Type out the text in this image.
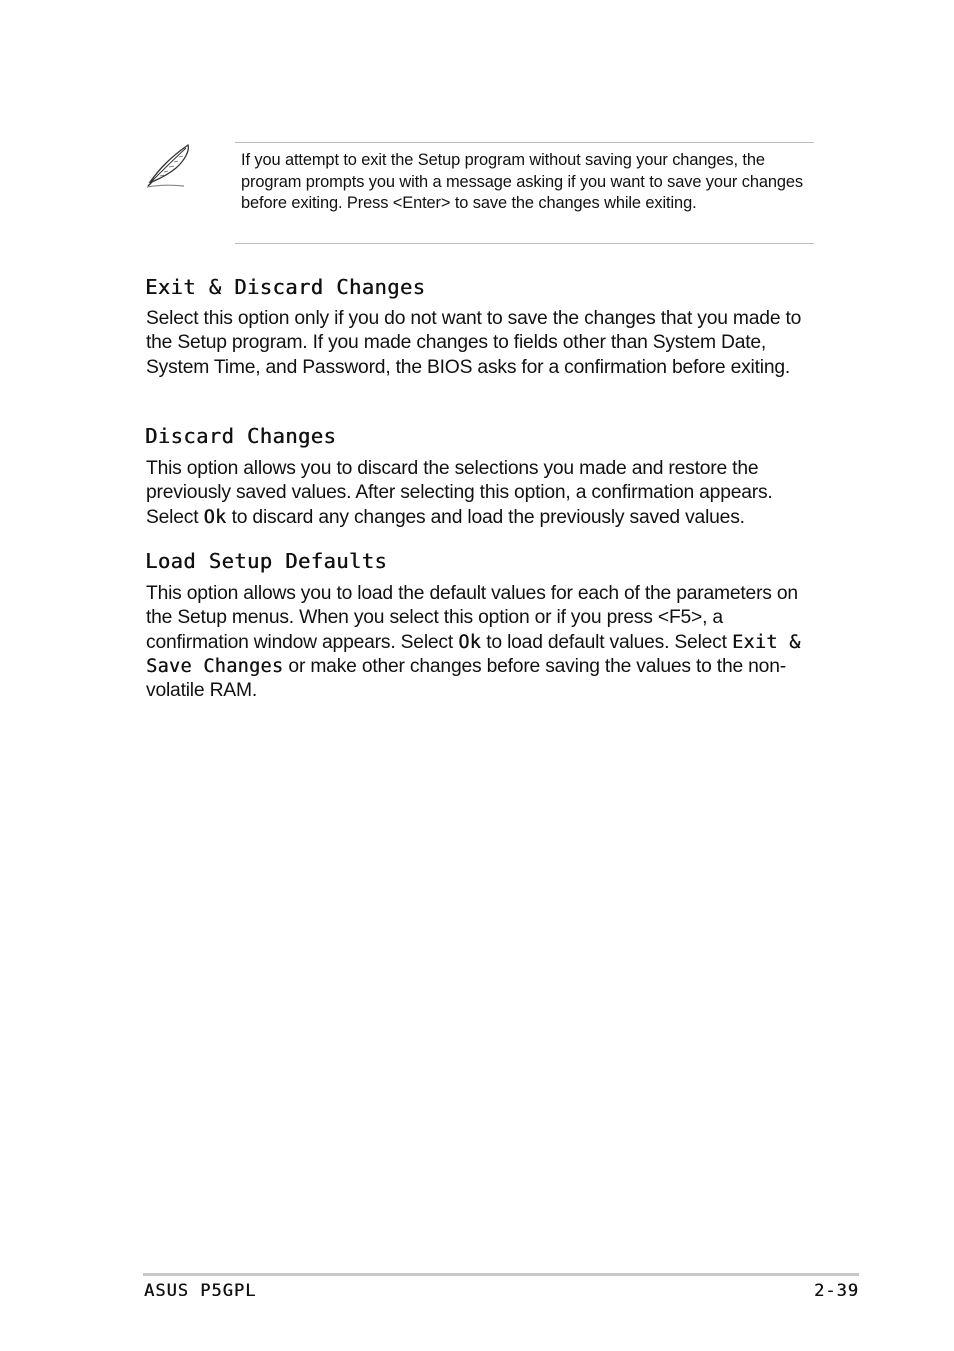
If you attempt to exit the Setup program without saving your changes, the program prompts you with a message asking if you want to save your changes before exiting. Press <Enter> to save the changes while exiting.

Exit & Discard Changes

Select this option only if you do not want to save the changes that you made to the Setup program. If you made changes to fields other than System Date, System Time, and Password, the BIOS asks for a confirmation before exiting.

Discard Changes

This option allows you to discard the selections you made and restore the previously saved values. After selecting this option, a confirmation appears. Select Ok to discard any changes and load the previously saved values.

Load Setup Defaults

This option allows you to load the default values for each of the parameters on the Setup menus. When you select this option or if you press <F5>, a confirmation window appears. Select Ok to load default values. Select Exit & Save Changes or make other changes before saving the values to the non-volatile RAM.

ASUS P5GPL	2-39
